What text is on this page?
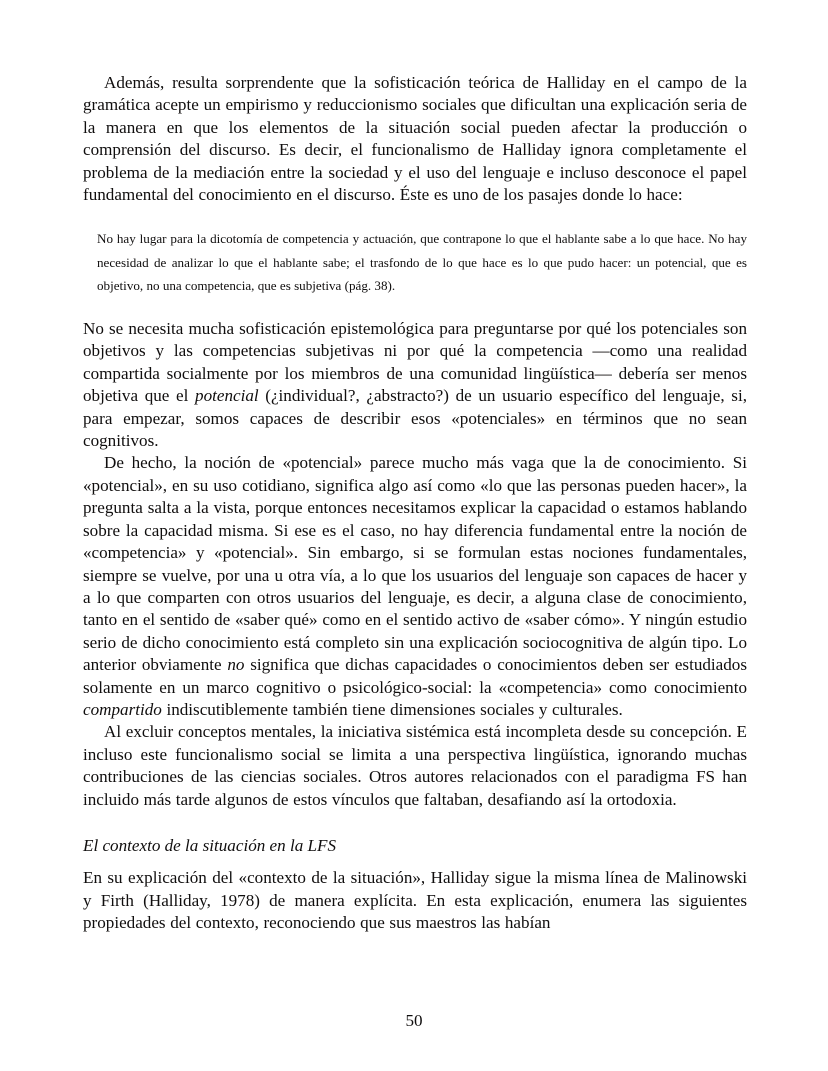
Además, resulta sorprendente que la sofisticación teórica de Halliday en el campo de la gramática acepte un empirismo y reduccionismo sociales que dificultan una explicación seria de la manera en que los elementos de la situación social pueden afectar la producción o comprensión del discurso. Es decir, el funcionalismo de Halliday ignora completamente el problema de la mediación entre la sociedad y el uso del lenguaje e incluso desconoce el papel fundamental del conocimiento en el discurso. Éste es uno de los pasajes donde lo hace:

No hay lugar para la dicotomía de competencia y actuación, que contrapone lo que el hablante sabe a lo que hace. No hay necesidad de analizar lo que el hablante sabe; el trasfondo de lo que hace es lo que pudo hacer: un potencial, que es objetivo, no una competencia, que es subjetiva (pág. 38).

No se necesita mucha sofisticación epistemológica para preguntarse por qué los potenciales son objetivos y las competencias subjetivas ni por qué la competencia —como una realidad compartida socialmente por los miembros de una comunidad lingüística— debería ser menos objetiva que el potencial (¿individual?, ¿abstracto?) de un usuario específico del lenguaje, si, para empezar, somos capaces de describir esos «potenciales» en términos que no sean cognitivos.

De hecho, la noción de «potencial» parece mucho más vaga que la de conocimiento. Si «potencial», en su uso cotidiano, significa algo así como «lo que las personas pueden hacer», la pregunta salta a la vista, porque entonces necesitamos explicar la capacidad o estamos hablando sobre la capacidad misma. Si ese es el caso, no hay diferencia fundamental entre la noción de «competencia» y «potencial». Sin embargo, si se formulan estas nociones fundamentales, siempre se vuelve, por una u otra vía, a lo que los usuarios del lenguaje son capaces de hacer y a lo que comparten con otros usuarios del lenguaje, es decir, a alguna clase de conocimiento, tanto en el sentido de «saber qué» como en el sentido activo de «saber cómo». Y ningún estudio serio de dicho conocimiento está completo sin una explicación sociocognitiva de algún tipo. Lo anterior obviamente no significa que dichas capacidades o conocimientos deben ser estudiados solamente en un marco cognitivo o psicológico-social: la «competencia» como conocimiento compartido indiscutiblemente también tiene dimensiones sociales y culturales.

Al excluir conceptos mentales, la iniciativa sistémica está incompleta desde su concepción. E incluso este funcionalismo social se limita a una perspectiva lingüística, ignorando muchas contribuciones de las ciencias sociales. Otros autores relacionados con el paradigma FS han incluido más tarde algunos de estos vínculos que faltaban, desafiando así la ortodoxia.

El contexto de la situación en la LFS

En su explicación del «contexto de la situación», Halliday sigue la misma línea de Malinowski y Firth (Halliday, 1978) de manera explícita. En esta explicación, enumera las siguientes propiedades del contexto, reconociendo que sus maestros las habían

50
